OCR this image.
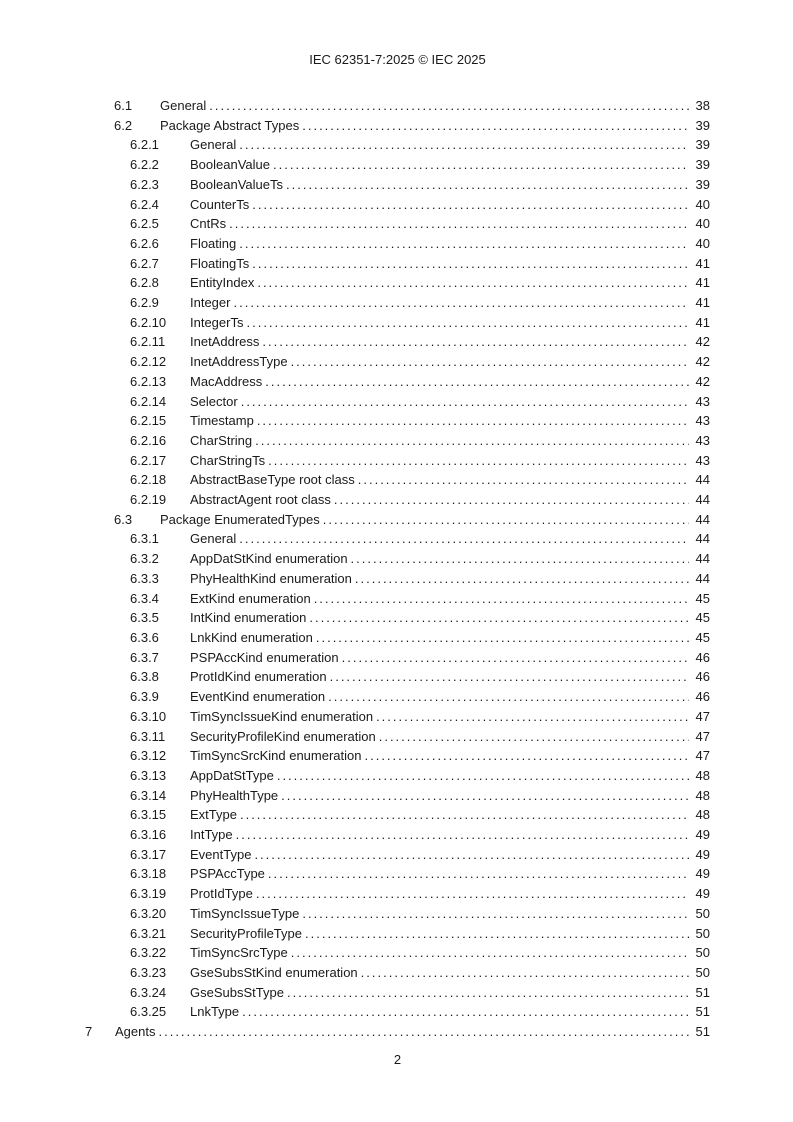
IEC 62351-7:2025 © IEC 2025
6.1	General .....	38
6.2	Package Abstract Types .....	39
6.2.1	General .....	39
6.2.2	BooleanValue .....	39
6.2.3	BooleanValueTs .....	39
6.2.4	CounterTs .....	40
6.2.5	CntRs .....	40
6.2.6	Floating .....	40
6.2.7	FloatingTs .....	41
6.2.8	EntityIndex .....	41
6.2.9	Integer .....	41
6.2.10	IntegerTs .....	41
6.2.11	InetAddress .....	42
6.2.12	InetAddressType .....	42
6.2.13	MacAddress .....	42
6.2.14	Selector .....	43
6.2.15	Timestamp .....	43
6.2.16	CharString .....	43
6.2.17	CharStringTs .....	43
6.2.18	AbstractBaseType root class .....	44
6.2.19	AbstractAgent root class .....	44
6.3	Package EnumeratedTypes .....	44
6.3.1	General .....	44
6.3.2	AppDatStKind enumeration .....	44
6.3.3	PhyHealthKind enumeration .....	44
6.3.4	ExtKind enumeration .....	45
6.3.5	IntKind enumeration .....	45
6.3.6	LnkKind enumeration .....	45
6.3.7	PSPAccKind enumeration .....	46
6.3.8	ProtIdKind enumeration .....	46
6.3.9	EventKind enumeration .....	46
6.3.10	TimSyncIssueKind enumeration .....	47
6.3.11	SecurityProfileKind enumeration .....	47
6.3.12	TimSyncSrcKind enumeration .....	47
6.3.13	AppDatStType .....	48
6.3.14	PhyHealthType .....	48
6.3.15	ExtType .....	48
6.3.16	IntType .....	49
6.3.17	EventType .....	49
6.3.18	PSPAccType .....	49
6.3.19	ProtIdType .....	49
6.3.20	TimSyncIssueType .....	50
6.3.21	SecurityProfileType .....	50
6.3.22	TimSyncSrcType .....	50
6.3.23	GseSubsStKind enumeration .....	50
6.3.24	GseSubsStType .....	51
6.3.25	LnkType .....	51
7	Agents .....	51
2
